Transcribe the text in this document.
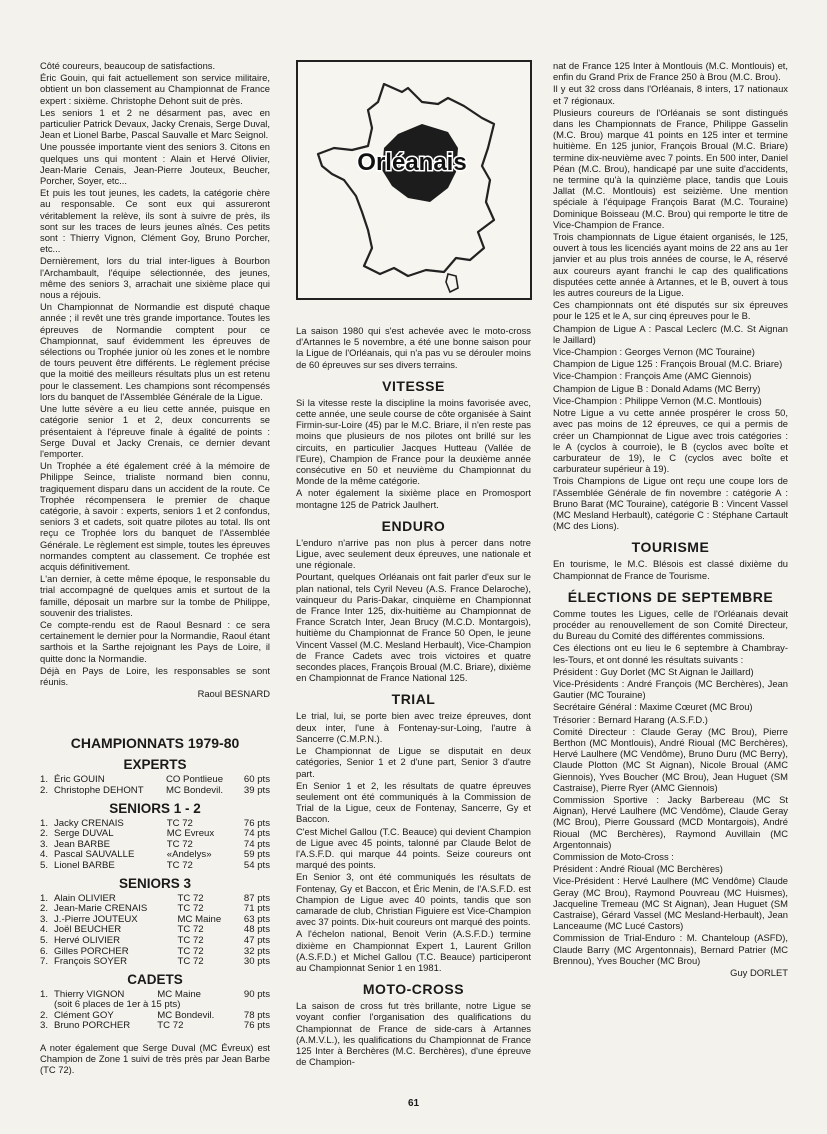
Côté coureurs, beaucoup de satisfactions.

Éric Gouin, qui fait actuellement son service militaire, obtient un bon classement au Championnat de France expert : sixième. Christophe Dehont suit de près.

Les seniors 1 et 2 ne désarment pas, avec en particulier Patrick Devaux, Jacky Crenais, Serge Duval, Jean et Lionel Barbe, Pascal Sauvalle et Marc Seignol.

Une poussée importante vient des seniors 3. Citons en quelques uns qui montent : Alain et Hervé Olivier, Jean-Marie Cenais, Jean-Pierre Jouteux, Beucher, Porcher, Soyer, etc...

Et puis les tout jeunes, les cadets, la catégorie chère au responsable. Ce sont eux qui assureront véritablement la relève, ils sont à suivre de près, ils sont sur les traces de leurs jeunes aînés. Ces petits sont : Thierry Vignon, Clément Goy, Bruno Porcher, etc...

Dernièrement, lors du trial inter-ligues à Bourbon l'Archambault, l'équipe sélectionnée, des jeunes, même des seniors 3, arrachait une sixième place qui nous a réjouis.

Un Championnat de Normandie est disputé chaque année ; il revêt une très grande importance. Toutes les épreuves de Normandie comptent pour ce Championnat, sauf évidemment les épreuves de sélections ou Trophée junior où les zones et le nombre de tours peuvent être différents. Le règlement précise que la moitié des meilleurs résultats plus un est retenu pour le classement. Les champions sont récompensés lors du banquet de l'Assemblée Générale de la Ligue.

Une lutte sévère a eu lieu cette année, puisque en catégorie senior 1 et 2, deux concurrents se présentaient à l'épreuve finale à égalité de points : Serge Duval et Jacky Crenais, ce dernier devant l'emporter.

Un Trophée a été également créé à la mémoire de Philippe Seince, trialiste normand bien connu, tragiquement disparu dans un accident de la route. Ce Trophée récompensera le premier de chaque catégorie, à savoir : experts, seniors 1 et 2 confondus, seniors 3 et cadets, soit quatre pilotes au total. Ils ont reçu ce Trophée lors du banquet de l'Assemblée Générale. Le règlement est simple, toutes les épreuves normandes comptent au classement. Ce trophée est acquis définitivement.

L'an dernier, à cette même époque, le responsable du trial accompagné de quelques amis et surtout de la famille, déposait un marbre sur la tombe de Philippe, souvenir des trialistes.

Ce compte-rendu est de Raoul Besnard : ce sera certainement le dernier pour la Normandie, Raoul étant sarthois et la Sarthe rejoignant les Pays de Loire, il quitte donc la Normandie.

Déjà en Pays de Loire, les responsables se sont réunis.

Raoul BESNARD

CHAMPIONNATS 1979-80
EXPERTS
1.	Éric GOUIN	CO Pontlieue	60 pts
2.	Christophe DEHONT	MC Bondevil.	39 pts
SENIORS 1 - 2
1.	Jacky CRENAIS	TC 72	76 pts
2.	Serge DUVAL	MC Evreux	74 pts
3.	Jean BARBE	TC 72	74 pts
4.	Pascal SAUVALLE	«Andelys»	59 pts
5.	Lionel BARBE	TC 72	54 pts
SENIORS 3
1.	Alain OLIVIER	TC 72	87 pts
2.	Jean-Marie CRENAIS	TC 72	71 pts
3.	J.-Pierre JOUTEUX	MC Maine	63 pts
4.	Joël BEUCHER	TC 72	48 pts
5.	Hervé OLIVIER	TC 72	47 pts
6.	Gilles PORCHER	TC 72	32 pts
7.	François SOYER	TC 72	30 pts
CADETS
1.	Thierry VIGNON	MC Maine	90 pts
	(soit 6 places de 1er à 15 pts)		
2.	Clément GOY	MC Bondevil.	78 pts
3.	Bruno PORCHER	TC 72	76 pts

A noter également que Serge Duval (MC Évreux) est Champion de Zone 1 suivi de très près par Jean Barbe (TC 72).

Orléanais

La saison 1980 qui s'est achevée avec le moto-cross d'Artannes le 5 novembre, a été une bonne saison pour la Ligue de l'Orléanais, qui n'a pas vu se dérouler moins de 60 épreuves sur ses divers terrains.

VITESSE

Si la vitesse reste la discipline la moins favorisée avec, cette année, une seule course de côte organisée à Saint Firmin-sur-Loire (45) par le M.C. Briare, il n'en reste pas moins que plusieurs de nos pilotes ont brillé sur les circuits, en particulier Jacques Hutteau (Vallée de l'Eure), Champion de France pour la deuxième année consécutive en 50 et neuvième du Championnat du Monde de la même catégorie.

A noter également la sixième place en Promosport montagne 125 de Patrick Jaulhert.

ENDURO

L'enduro n'arrive pas non plus à percer dans notre Ligue, avec seulement deux épreuves, une nationale et une régionale.

Pourtant, quelques Orléanais ont fait parler d'eux sur le plan national, tels Cyril Neveu (A.S. France Delaroche), vainqueur du Paris-Dakar, cinquième en Championnat de France Inter 125, dix-huitième au Championnat de France Scratch Inter, Jean Brucy (M.C.D. Montargois), huitième du Championnat de France 50 Open, le jeune Vincent Vassel (M.C. Mesland Herbault), Vice-Champion de France Cadets avec trois victoires et quatre secondes places, François Broual (M.C. Briare), dixième en Championnat de France National 125.

TRIAL

Le trial, lui, se porte bien avec treize épreuves, dont deux inter, l'une à Fontenay-sur-Loing, l'autre à Sancerre (C.M.P.N.).

Le Championnat de Ligue se disputait en deux catégories, Senior 1 et 2 d'une part, Senior 3 d'autre part.

En Senior 1 et 2, les résultats de quatre épreuves seulement ont été communiqués à la Commission de Trial de la Ligue, ceux de Fontenay, Sancerre, Gy et Baccon.

C'est Michel Gallou (T.C. Beauce) qui devient Champion de Ligue avec 45 points, talonné par Claude Belot de l'A.S.F.D. qui marque 44 points. Seize coureurs ont marqué des points.

En Senior 3, ont été communiqués les résultats de Fontenay, Gy et Baccon, et Éric Menin, de l'A.S.F.D. est Champion de Ligue avec 40 points, tandis que son camarade de club, Christian Figuiere est Vice-Champion avec 37 points. Dix-huit coureurs ont marqué des points.

A l'échelon national, Benoit Verin (A.S.F.D.) termine dixième en Championnat Expert 1, Laurent Grillon (A.S.F.D.) et Michel Gallou (T.C. Beauce) participeront au Championnat Senior 1 en 1981.

MOTO-CROSS

La saison de cross fut très brillante, notre Ligue se voyant confier l'organisation des qualifications du Championnat de France de side-cars à Artannes (A.M.V.L.), les qualifications du Championnat de France 125 Inter à Berchères (M.C. Berchères), d'une épreuve de Champion-

nat de France 125 Inter à Montlouis (M.C. Montlouis) et, enfin du Grand Prix de France 250 à Brou (M.C. Brou).

Il y eut 32 cross dans l'Orléanais, 8 inters, 17 nationaux et 7 régionaux.

Plusieurs coureurs de l'Orléanais se sont distingués dans les Championnats de France, Philippe Gasselin (M.C. Brou) marque 41 points en 125 inter et termine huitième. En 125 junior, François Broual (M.C. Briare) termine dix-neuvième avec 7 points. En 500 inter, Daniel Péan (M.C. Brou), handicapé par une suite d'accidents, ne termine qu'à la quinzième place, tandis que Louis Jallat (M.C. Montlouis) est seizième. Une mention spéciale à l'équipage François Barat (M.C. Touraine) Dominique Boisseau (M.C. Brou) qui remporte le titre de Vice-Champion de France.

Trois championnats de Ligue étaient organisés, le 125, ouvert à tous les licenciés ayant moins de 22 ans au 1er janvier et au plus trois années de course, le A, réservé aux coureurs ayant franchi le cap des qualifications disputées cette année à Artannes, et le B, ouvert à tous les autres coureurs de la Ligue.

Ces championnats ont été disputés sur six épreuves pour le 125 et le A, sur cinq épreuves pour le B.

Champion de Ligue A : Pascal Leclerc (M.C. St Aignan le Jaillard)

Vice-Champion : Georges Vernon (MC Touraine)

Champion de Ligue 125 : François Broual (M.C. Briare)

Vice-Champion : François Ame (AMC Giennois)

Champion de Ligue B : Donald Adams (MC Berry)

Vice-Champion : Philippe Vernon (M.C. Montlouis)

Notre Ligue a vu cette année prospérer le cross 50, avec pas moins de 12 épreuves, ce qui a permis de créer un Championnat de Ligue avec trois catégories : le A (cyclos à courroie), le B (cyclos avec boîte et carburateur de 19), le C (cyclos avec boîte et carburateur supérieur à 19).

Trois Champions de Ligue ont reçu une coupe lors de l'Assemblée Générale de fin novembre : catégorie A : Bruno Barat (MC Touraine), catégorie B : Vincent Vassel (MC Mesland Herbault), catégorie C : Stéphane Cartault (MC des Lions).

TOURISME

En tourisme, le M.C. Blésois est classé dixième du Championnat de France de Tourisme.

ÉLECTIONS DE SEPTEMBRE

Comme toutes les Ligues, celle de l'Orléanais devait procéder au renouvellement de son Comité Directeur, du Bureau du Comité des différentes commissions.

Ces élections ont eu lieu le 6 septembre à Chambray-les-Tours, et ont donné les résultats suivants :

Président : Guy Dorlet (MC St Aignan le Jaillard)

Vice-Présidents : André François (MC Berchères), Jean Gautier (MC Touraine)

Secrétaire Général : Maxime Cœuret (MC Brou)

Trésorier : Bernard Harang (A.S.F.D.)

Comité Directeur : Claude Geray (MC Brou), Pierre Berthon (MC Montlouis), André Rioual (MC Berchères), Hervé Laulhere (MC Vendôme), Bruno Duru (MC Berry), Claude Plotton (MC St Aignan), Nicole Broual (AMC Giennois), Yves Boucher (MC Brou), Jean Huguet (SM Castraise), Pierre Ryer (AMC Giennois)

Commission Sportive : Jacky Barbereau (MC St Aignan), Hervé Laulhere (MC Vendôme), Claude Geray (MC Brou), Pierre Goussard (MCD Montargois), André Rioual (MC Berchères), Raymond Auvillain (MC Argentonnais)

Commission de Moto-Cross :

Président : André Rioual (MC Berchères)

Vice-Président : Hervé Laulhere (MC Vendôme) Claude Geray (MC Brou), Raymond Pouvreau (MC Huismes), Jacqueline Tremeau (MC St Aignan), Jean Huguet (SM Castraise), Gérard Vassel (MC Mesland-Herbault), Jean Lanceaume (MC Lucé Castors)

Commission de Trial-Enduro : M. Chanteloup (ASFD), Claude Barry (MC Argentonnais), Bernard Patrier (MC Brennou), Yves Boucher (MC Brou)

Guy DORLET

61
